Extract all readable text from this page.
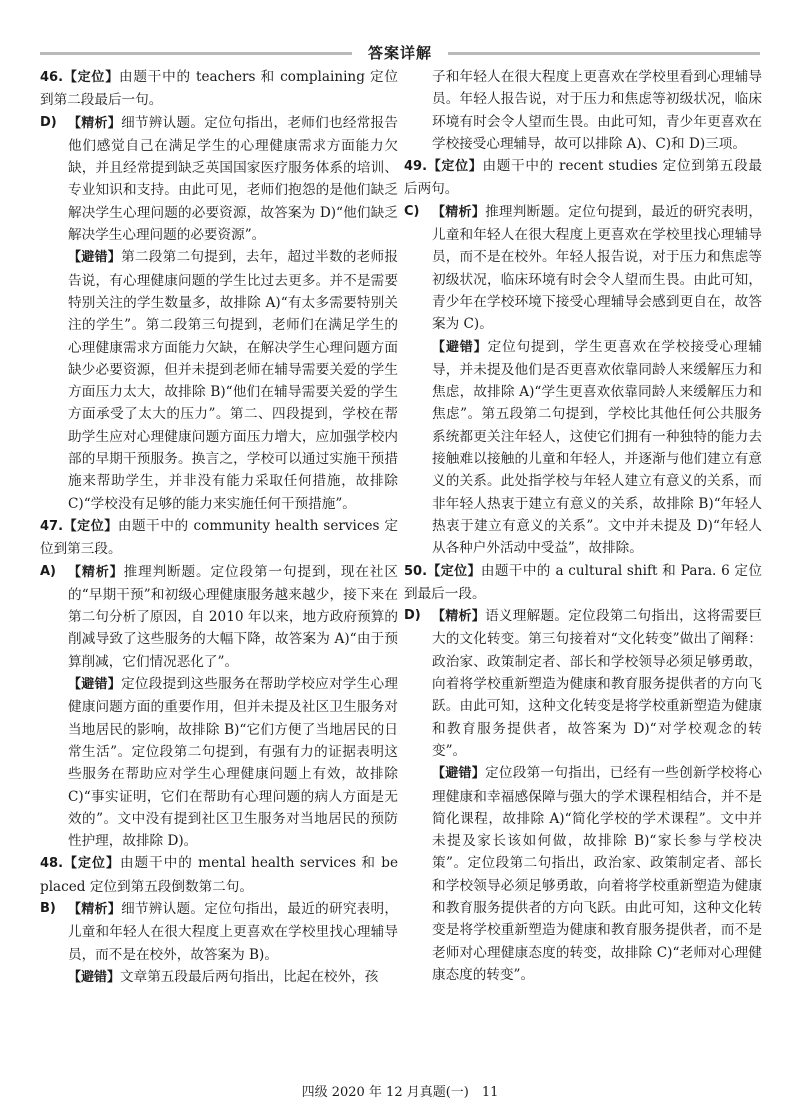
答案详解

46.【定位】由题干中的 teachers 和 complaining 定位到第二段最后一句。

D) 【精析】细节辨认题。定位句指出，老师们也经常报告他们感觉自己在满足学生的心理健康需求方面能力欠缺，并且经常提到缺乏英国国家医疗服务体系的培训、专业知识和支持。由此可见，老师们抱怨的是他们缺乏解决学生心理问题的必要资源，故答案为 D)“他们缺乏解决学生心理问题的必要资源”。

【避错】第二段第二句提到，去年，超过半数的老师报告说，有心理健康问题的学生比过去更多。并不是需要特别关注的学生数量多，故排除 A)“有太多需要特别关注的学生”。第二段第三句提到，老师们在满足学生的心理健康需求方面能力欠缺，在解决学生心理问题方面缺少必要资源，但并未提到老师在辅导需要关爱的学生方面压力太大，故排除 B)“他们在辅导需要关爱的学生方面承受了太大的压力”。第二、四段提到，学校在帮助学生应对心理健康问题方面压力增大，应加强学校内部的早期干预服务。换言之，学校可以通过实施干预措施来帮助学生，并非没有能力采取任何措施，故排除 C)“学校没有足够的能力来实施任何干预措施”。

47.【定位】由题干中的 community health services 定位到第三段。

A) 【精析】推理判断题。定位段第一句提到，现在社区的“早期干预”和初级心理健康服务越来越少，接下来在第二句分析了原因，自 2010 年以来，地方政府预算的削减导致了这些服务的大幅下降，故答案为 A)“由于预算削减，它们情况恶化了”。

【避错】定位段提到这些服务在帮助学校应对学生心理健康问题方面的重要作用，但并未提及社区卫生服务对当地居民的影响，故排除 B)“它们方便了当地居民的日常生活”。定位段第二句提到，有强有力的证据表明这些服务在帮助应对学生心理健康问题上有效，故排除 C)“事实证明，它们在帮助有心理问题的病人方面是无效的”。文中没有提到社区卫生服务对当地居民的预防性护理，故排除 D)。

48.【定位】由题干中的 mental health services 和 be placed 定位到第五段倒数第二句。

B) 【精析】细节辨认题。定位句指出，最近的研究表明，儿童和年轻人在很大程度上更喜欢在学校里找心理辅导员，而不是在校外，故答案为 B)。

【避错】文章第五段最后两句指出，比起在校外，孩

子和年轻人在很大程度上更喜欢在学校里看到心理辅导员。年轻人报告说，对于压力和焦虑等初级状况，临床环境有时会令人望而生畏。由此可知，青少年更喜欢在学校接受心理辅导，故可以排除 A)、C)和 D)三项。

49.【定位】由题干中的 recent studies 定位到第五段最后两句。

C) 【精析】推理判断题。定位句提到，最近的研究表明，儿童和年轻人在很大程度上更喜欢在学校里找心理辅导员，而不是在校外。年轻人报告说，对于压力和焦虑等初级状况，临床环境有时会令人望而生畏。由此可知，青少年在学校环境下接受心理辅导会感到更自在，故答案为 C)。

【避错】定位句提到，学生更喜欢在学校接受心理辅导，并未提及他们是否更喜欢依靠同龄人来缓解压力和焦虑，故排除 A)“学生更喜欢依靠同龄人来缓解压力和焦虑”。第五段第二句提到，学校比其他任何公共服务系统都更关注年轻人，这使它们拥有一种独特的能力去接触难以接触的儿童和年轻人，并逐渐与他们建立有意义的关系。此处指学校与年轻人建立有意义的关系，而非年轻人热衷于建立有意义的关系，故排除 B)“年轻人热衷于建立有意义的关系”。文中并未提及 D)“年轻人从各种户外活动中受益”，故排除。

50.【定位】由题干中的 a cultural shift 和 Para. 6 定位到最后一段。

D) 【精析】语义理解题。定位段第二句指出，这将需要巨大的文化转变。第三句接着对“文化转变”做出了阐释：政治家、政策制定者、部长和学校领导必须足够勇敢，向着将学校重新塑造为健康和教育服务提供者的方向飞跃。由此可知，这种文化转变是将学校重新塑造为健康和教育服务提供者，故答案为 D)“对学校观念的转变”。

【避错】定位段第一句指出，已经有一些创新学校将心理健康和幸福感保障与强大的学术课程相结合，并不是简化课程，故排除 A)“简化学校的学术课程”。文中并未提及家长该如何做，故排除 B)“家长参与学校决策”。定位段第二句指出，政治家、政策制定者、部长和学校领导必须足够勇敢，向着将学校重新塑造为健康和教育服务提供者的方向飞跃。由此可知，这种文化转变是将学校重新塑造为健康和教育服务提供者，而不是老师对心理健康态度的转变，故排除 C)“老师对心理健康态度的转变”。

四级 2020 年 12 月真题(一)　11
